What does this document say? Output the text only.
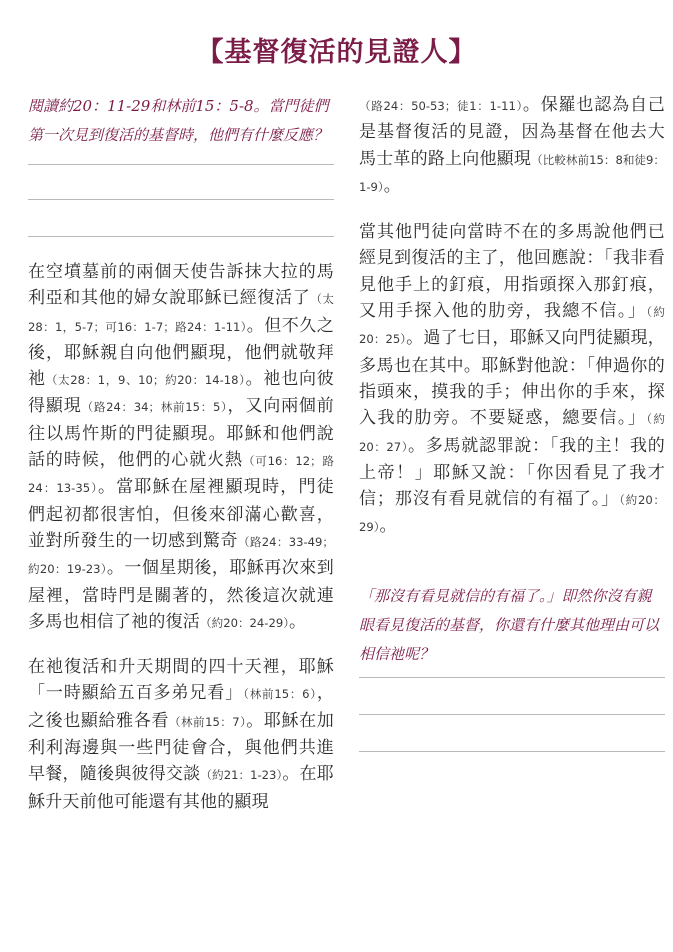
【基督復活的見證人】

閱讀約20：11-29和林前15：5-8。當門徒們第一次見到復活的基督時，他們有什麼反應？

在空墳墓前的兩個天使告訴抹大拉的馬利亞和其他的婦女說耶穌已經復活了（太28：1，5-7；可16：1-7；路24：1-11）。但不久之後，耶穌親自向他們顯現，他們就敬拜祂（太28：1，9、10；約20：14-18）。祂也向彼得顯現（路24：34；林前15：5），又向兩個前往以馬忤斯的門徒顯現。耶穌和他們說話的時候，他們的心就火熱（可16：12；路24：13-35）。當耶穌在屋裡顯現時，門徒們起初都很害怕，但後來卻滿心歡喜，並對所發生的一切感到驚奇（路24：33-49；約20：19-23）。一個星期後，耶穌再次來到屋裡，當時門是關著的，然後這次就連多馬也相信了祂的復活（約20：24-29）。

在祂復活和升天期間的四十天裡，耶穌「一時顯給五百多弟兄看」（林前15：6），之後也顯給雅各看（林前15：7）。耶穌在加利利海邊與一些門徒會合，與他們共進早餐，隨後與彼得交談（約21：1-23）。在耶穌升天前他可能還有其他的顯現

（路24：50-53；徒1：1-11）。保羅也認為自己是基督復活的見證，因為基督在他去大馬士革的路上向他顯現（比較林前15：8和徒9：1-9）。

當其他門徒向當時不在的多馬說他們已經見到復活的主了，他回應說：「我非看見他手上的釘痕，用指頭探入那釘痕，又用手探入他的肋旁，我總不信。」（約20：25）。過了七日，耶穌又向門徒顯現，多馬也在其中。耶穌對他說：「伸過你的指頭來，摸我的手；伸出你的手來，探入我的肋旁。不要疑惑，總要信。」（約20：27）。多馬就認罪說：「我的主！我的上帝！」耶穌又說：「你因看見了我才信；那沒有看見就信的有福了。」（約20：29）。

「那沒有看見就信的有福了。」即然你沒有親眼看見復活的基督，你還有什麼其他理由可以相信祂呢？
